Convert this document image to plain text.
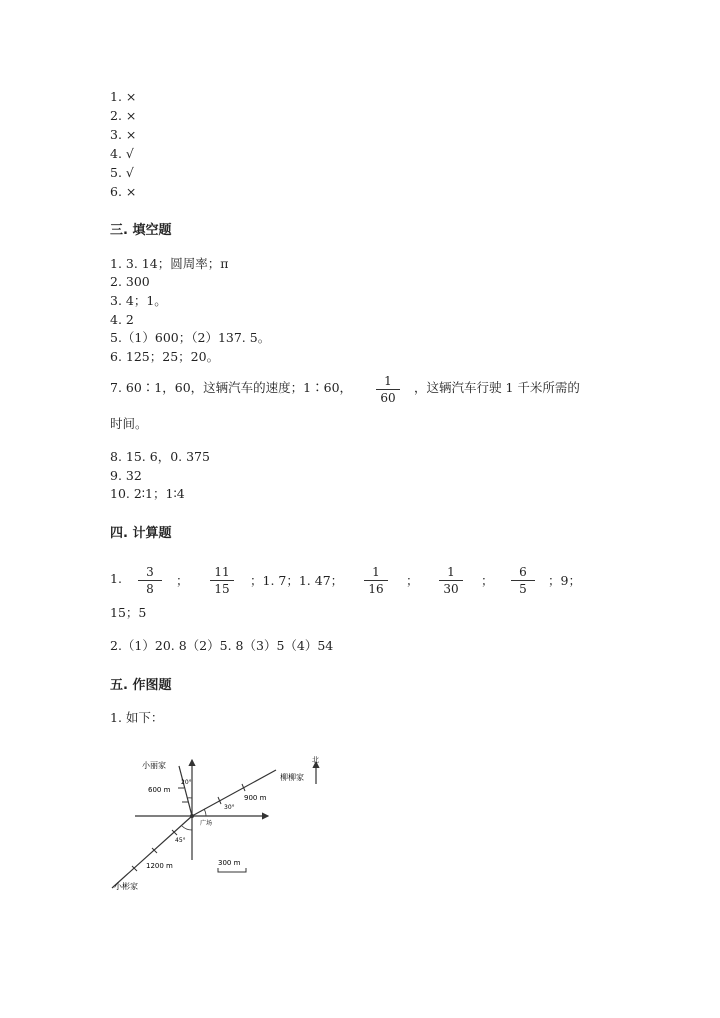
1. ×
2. ×
3. ×
4. √
5. √
6. ×
三. 填空题
1. 3. 14；圆周率；π
2. 300
3. 4；1。
4. 2
5.（1）600；（2）137. 5。
6. 125；25；20。
7. 60∶1，60，这辆汽车的速度；1∶60，	1
60
，这辆汽车行驶 1 千米所需的
时间。
8. 15. 6，0. 375
9. 32
10. 2∶1；1∶4
四. 计算题
1.	3
8
；
11
15
；1. 7；1. 47；
1
16
；
1
30
；
6
5
；9；
15；5
2.（1）20. 8（2）5. 8（3）5（4）54
五. 作图题
1. 如下：
小丽家
柳柳家
小彬家
广场
北
600 m
900 m
1200 m
20°
30°
45°
300 m
